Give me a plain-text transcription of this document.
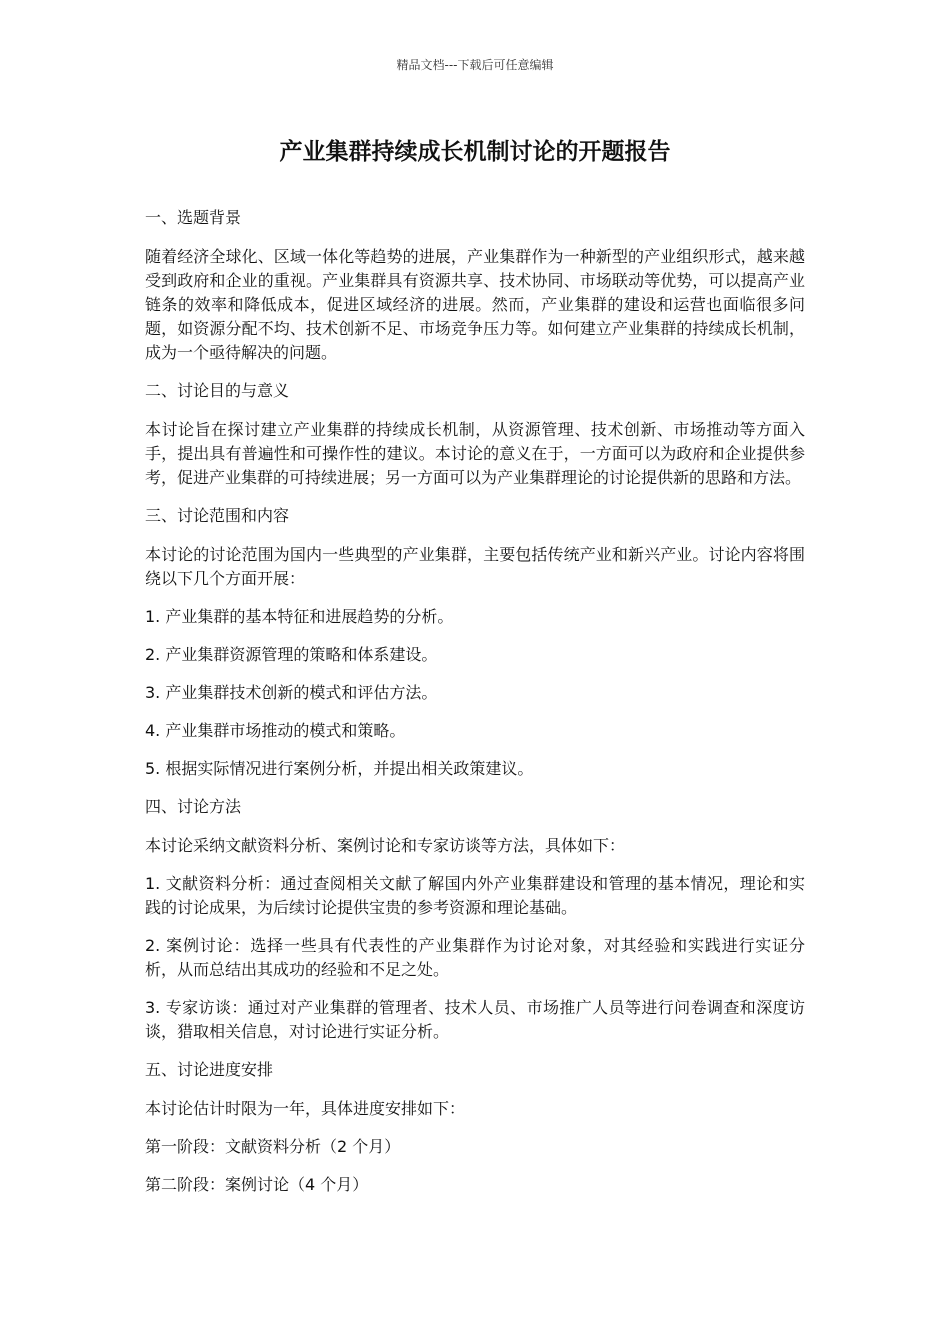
精品文档---下载后可任意编辑
产业集群持续成长机制讨论的开题报告

一、选题背景

随着经济全球化、区域一体化等趋势的进展，产业集群作为一种新型的产业组织形式，越来越受到政府和企业的重视。产业集群具有资源共享、技术协同、市场联动等优势，可以提高产业链条的效率和降低成本，促进区域经济的进展。然而，产业集群的建设和运营也面临很多问题，如资源分配不均、技术创新不足、市场竞争压力等。如何建立产业集群的持续成长机制，成为一个亟待解决的问题。

二、讨论目的与意义

本讨论旨在探讨建立产业集群的持续成长机制，从资源管理、技术创新、市场推动等方面入手，提出具有普遍性和可操作性的建议。本讨论的意义在于，一方面可以为政府和企业提供参考，促进产业集群的可持续进展；另一方面可以为产业集群理论的讨论提供新的思路和方法。

三、讨论范围和内容

本讨论的讨论范围为国内一些典型的产业集群，主要包括传统产业和新兴产业。讨论内容将围绕以下几个方面开展：

1. 产业集群的基本特征和进展趋势的分析。

2. 产业集群资源管理的策略和体系建设。

3. 产业集群技术创新的模式和评估方法。

4. 产业集群市场推动的模式和策略。

5. 根据实际情况进行案例分析，并提出相关政策建议。

四、讨论方法

本讨论采纳文献资料分析、案例讨论和专家访谈等方法，具体如下：

1. 文献资料分析：通过查阅相关文献了解国内外产业集群建设和管理的基本情况，理论和实践的讨论成果，为后续讨论提供宝贵的参考资源和理论基础。

2. 案例讨论：选择一些具有代表性的产业集群作为讨论对象，对其经验和实践进行实证分析，从而总结出其成功的经验和不足之处。

3. 专家访谈：通过对产业集群的管理者、技术人员、市场推广人员等进行问卷调查和深度访谈，猎取相关信息，对讨论进行实证分析。

五、讨论进度安排

本讨论估计时限为一年，具体进度安排如下：

第一阶段：文献资料分析（2 个月）

第二阶段：案例讨论（4 个月）
